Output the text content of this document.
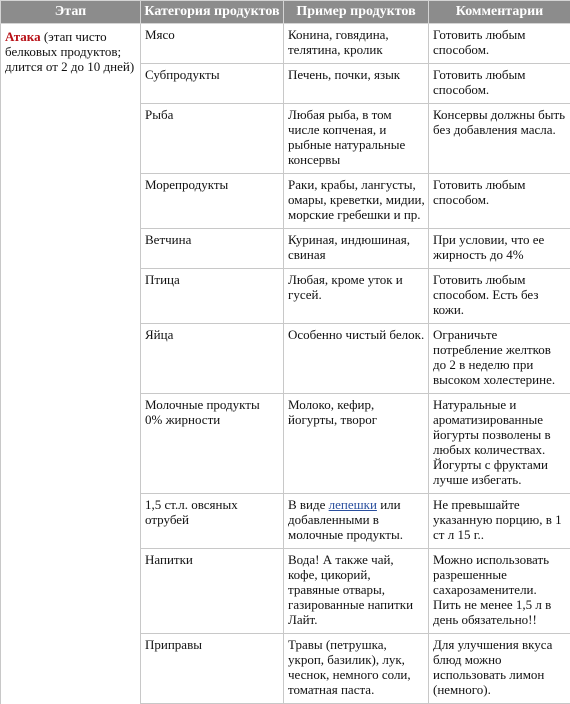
Этап	Категория продуктов	Пример продуктов	Комментарии
Атака (этап чисто белковых продуктов; длится от 2 до 10 дней)	Мясо	Конина, говядина, телятина, кролик	Готовить любым способом.
	Субпродукты	Печень, почки, язык	Готовить любым способом.
	Рыба	Любая рыба, в том числе копченая, и рыбные натуральные консервы	Консервы должны быть без добавления масла.
	Морепродукты	Раки, крабы, лангусты, омары, креветки, мидии, морские гребешки и пр.	Готовить любым способом.
	Ветчина	Куриная, индюшиная, свиная	При условии, что ее жирность до 4%
	Птица	Любая, кроме уток и гусей.	Готовить любым способом. Есть без кожи.
	Яйца	Особенно чистый белок.	Ограничьте потребление желтков до 2 в неделю при высоком холестерине.
	Молочные продукты 0% жирности	Молоко, кефир, йогурты, творог	Натуральные и ароматизированные йогурты позволены в любых количествах. Йогурты с фруктами лучше избегать.
	1,5 ст.л. овсяных отрубей	В виде лепешки или добавленными в молочные продукты.	Не превышайте указанную порцию, в 1 ст л 15 г..
	Напитки	Вода! А также чай, кофе, цикорий, травяные отвары, газированные напитки Лайт.	Можно использовать разрешенные сахарозаменители. Пить не менее 1,5 л в день обязательно!!
	Приправы	Травы (петрушка, укроп, базилик), лук, чеснок, немного соли, томатная паста.	Для улучшения вкуса блюд можно использовать лимон (немного).
